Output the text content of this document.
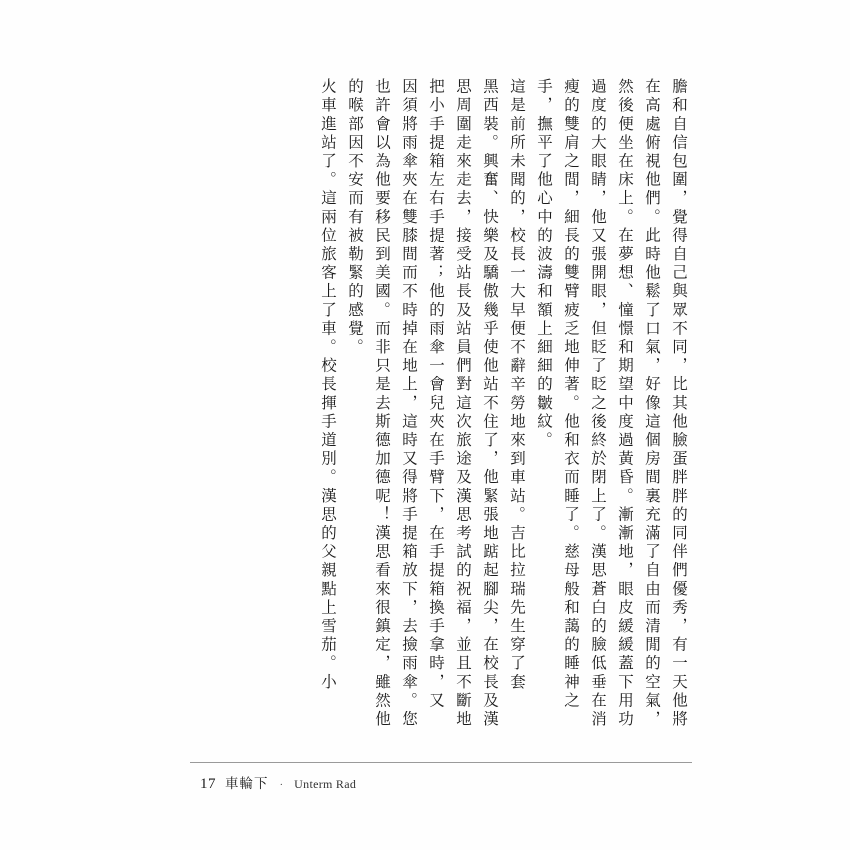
膽和自信包圍，覺得自己與眾不同，比其他臉蛋胖胖的同伴們優秀，有一天他將
在高處俯視他們。此時他鬆了口氣，好像這個房間裏充滿了自由而清閒的空氣，
然後便坐在床上。在夢想、憧憬和期望中度過黃昏。漸漸地，眼皮緩緩蓋下用功
過度的大眼睛，他又張開眼，但眨了眨之後終於閉上了。漢思蒼白的臉低垂在消
瘦的雙肩之間，細長的雙臂疲乏地伸著。他和衣而睡了。慈母般和藹的睡神之
手，撫平了他心中的波濤和額上細細的皺紋。
這是前所未聞的，校長一大早便不辭辛勞地來到車站。吉比拉瑞先生穿了套
黑西裝。興奮、快樂及驕傲幾乎使他站不住了，他緊張地踮起腳尖，在校長及漢
思周圍走來走去，接受站長及站員們對這次旅途及漢思考試的祝福，並且不斷地
把小手提箱左右手提著；他的雨傘一會兒夾在手臂下，在手提箱換手拿時，又
因須將雨傘夾在雙膝間而不時掉在地上，這時又得將手提箱放下，去撿雨傘。您
也許會以為他要移民到美國。而非只是去斯德加德呢！漢思看來很鎮定，雖然他
的喉部因不安而有被勒緊的感覺。
火車進站了。這兩位旅客上了車。校長揮手道別。漢思的父親點上雪茄。小
17 車輪下 · Unterm Rad
